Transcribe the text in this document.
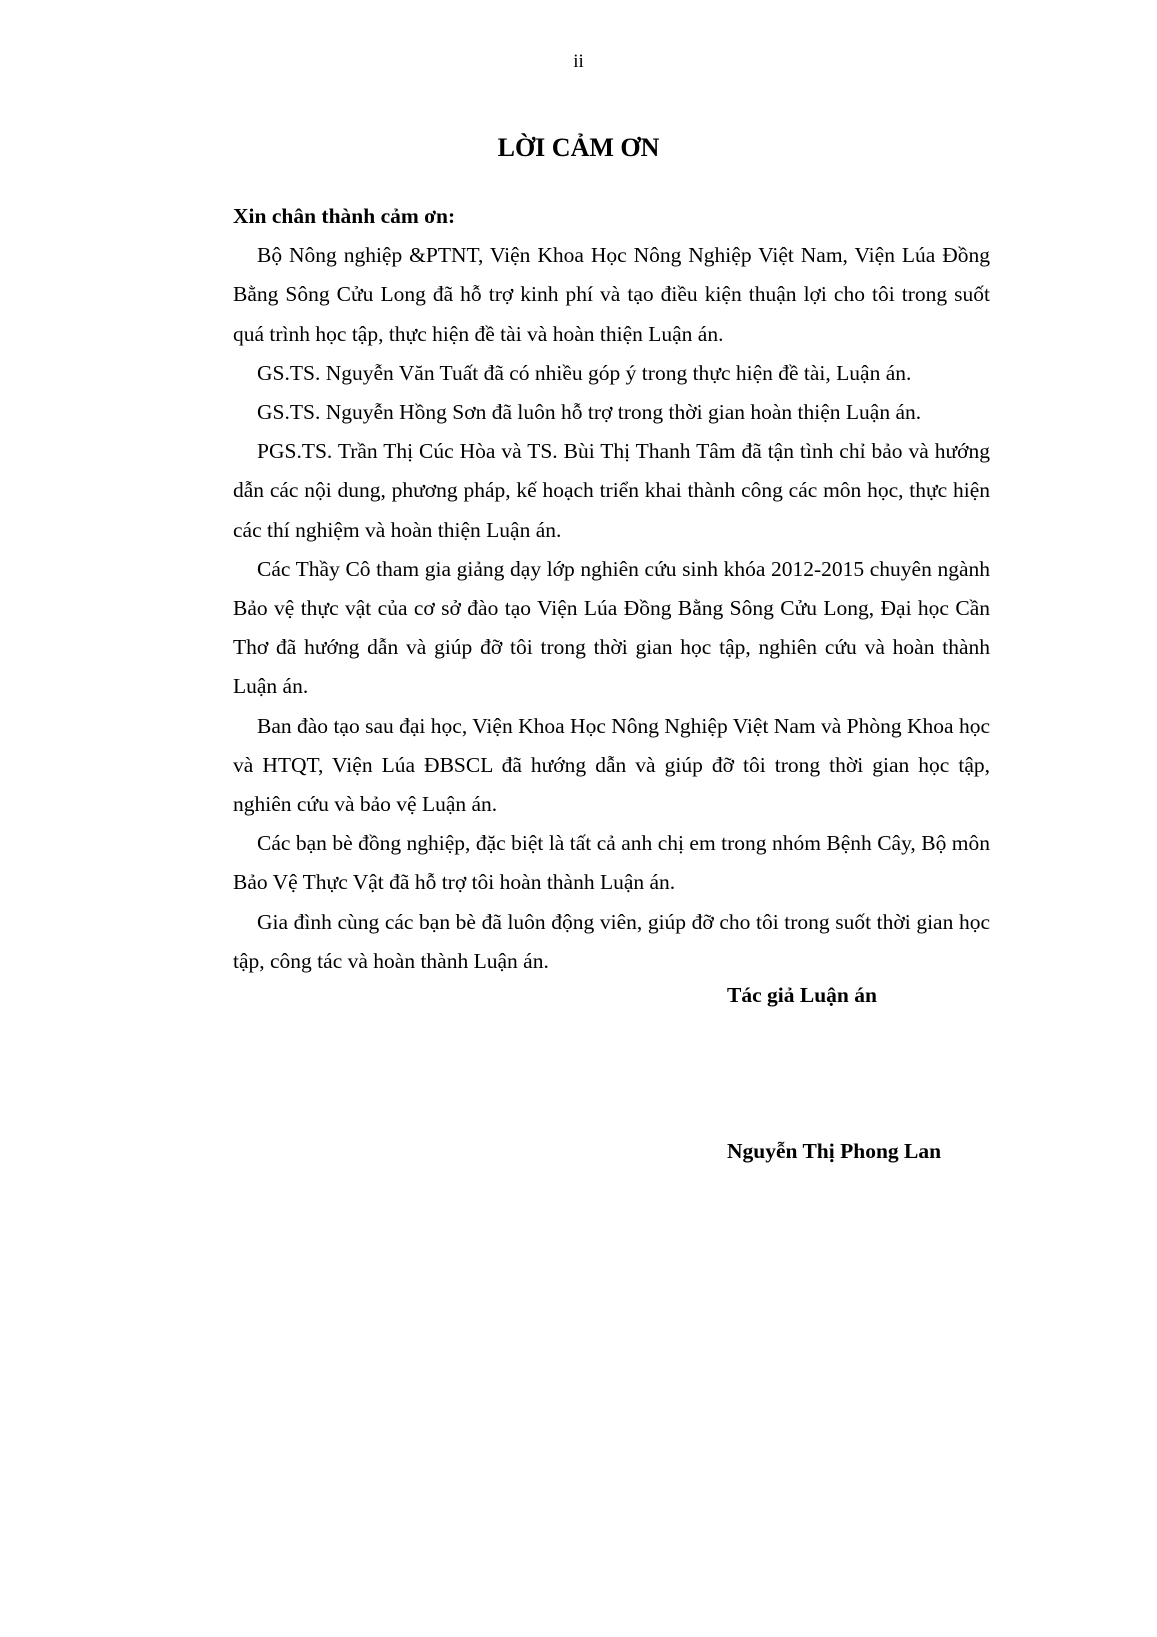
ii
LỜI CẢM ƠN

Xin chân thành cảm ơn:

Bộ Nông nghiệp &PTNT, Viện Khoa Học Nông Nghiệp Việt Nam, Viện Lúa Đồng Bằng Sông Cửu Long đã hỗ trợ kinh phí và tạo điều kiện thuận lợi cho tôi trong suốt quá trình học tập, thực hiện đề tài và hoàn thiện Luận án.

GS.TS. Nguyễn Văn Tuất đã có nhiều góp ý trong thực hiện đề tài, Luận án.

GS.TS. Nguyễn Hồng Sơn đã luôn hỗ trợ trong thời gian hoàn thiện Luận án.

PGS.TS. Trần Thị Cúc Hòa và TS. Bùi Thị Thanh Tâm đã tận tình chỉ bảo và hướng dẫn các nội dung, phương pháp, kế hoạch triển khai thành công các môn học, thực hiện các thí nghiệm và hoàn thiện Luận án.

Các Thầy Cô tham gia giảng dạy lớp nghiên cứu sinh khóa 2012-2015 chuyên ngành Bảo vệ thực vật của cơ sở đào tạo Viện Lúa Đồng Bằng Sông Cửu Long, Đại học Cần Thơ đã hướng dẫn và giúp đỡ tôi trong thời gian học tập, nghiên cứu và hoàn thành Luận án.

Ban đào tạo sau đại học, Viện Khoa Học Nông Nghiệp Việt Nam và Phòng Khoa học và HTQT, Viện Lúa ĐBSCL đã hướng dẫn và giúp đỡ tôi trong thời gian học tập, nghiên cứu và bảo vệ Luận án.

Các bạn bè đồng nghiệp, đặc biệt là tất cả anh chị em trong nhóm Bệnh Cây, Bộ môn Bảo Vệ Thực Vật đã hỗ trợ tôi hoàn thành Luận án.

Gia đình cùng các bạn bè đã luôn động viên, giúp đỡ cho tôi trong suốt thời gian học tập, công tác và hoàn thành Luận án.

Tác giả Luận án
Nguyễn Thị Phong Lan
